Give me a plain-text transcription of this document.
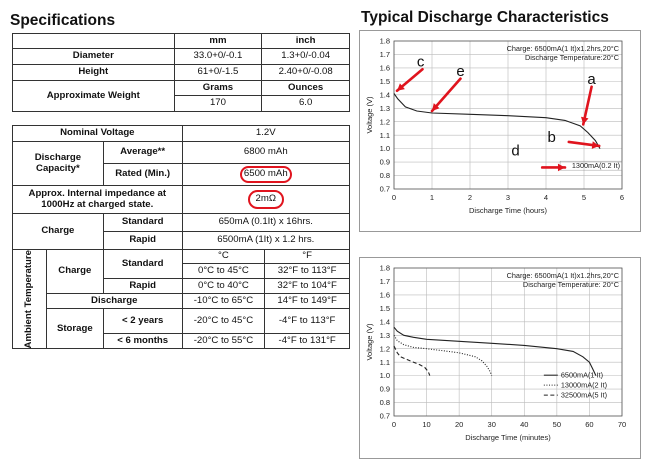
Specifications	Typical Discharge Characteristics
	mm	inch
Diameter	33.0+0/-0.1	1.3+0/-0.04
Height	61+0/-1.5	2.40+0/-0.08
Approximate Weight	Grams	Ounces
	170	6.0
Nominal Voltage			1.2V	
Discharge Capacity*		Average**	6800 mAh	
		Rated (Min.)	6500 mAh	
Approx. Internal impedance at 1000Hz at charged state.			2mΩ	
Charge		Standard	650mA (0.1It) x 16hrs.	
		Rapid	6500mA (1It) x 1.2 hrs.	

Ambient Temperature	Charge	Standard	°C	°F
			0°C to 45°C	32°F to 113°F
		Rapid	0°C to 40°C	32°F to 104°F
	Discharge		-10°C to 65°C	14°F to 149°F
	Storage	< 2 years	-20°C to 45°C	-4°F to 113°F
		< 6 months	-20°C to 55°C	-4°F to 131°F
0	1	2	3	4	5	6
0.7
0.8
0.9
1.0
1.1
1.2
1.3
1.4
1.5
1.6
1.7
1.8
Discharge Time (hours)
Voltage (V)
Charge: 6500mA(1 It)x1.2hrs,20°C
Discharge Temperature:20°C
1300mA(0.2 It)
a
b
c
d
e
0	10	20	30	40	50	60	70
0.7
0.8
0.9
1.0
1.1
1.2
1.3
1.4
1.5
1.6
1.7
1.8
Discharge Time (minutes)
Voltage (V)
Charge: 6500mA(1 It)x1.2hrs,20°C
Discharge Temperature: 20°C
6500mA(1 It)
13000mA(2 It)
32500mA(5 It)
